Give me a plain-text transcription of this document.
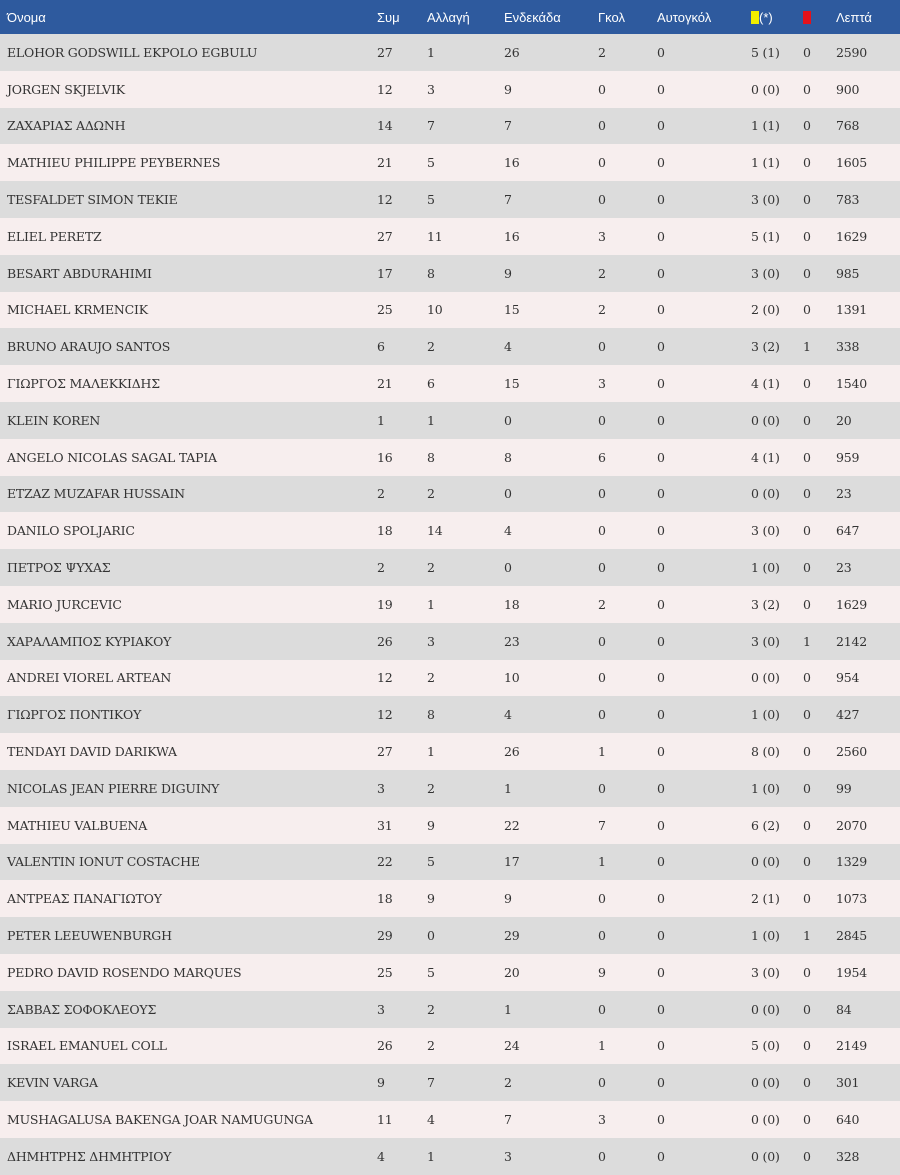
Όνομα	Συμ	Αλλαγή	Ενδεκάδα	Γκολ	Αυτογκόλ	(*)		Λεπτά
ELOHOR GODSWILL EKPOLO EGBULU	27	1	26	2	0	5 (1)	0	2590
JORGEN SKJELVIK	12	3	9	0	0	0 (0)	0	900
ΖΑΧΑΡΙΑΣ ΑΔΩΝΗ	14	7	7	0	0	1 (1)	0	768
MATHIEU PHILIPPE PEYBERNES	21	5	16	0	0	1 (1)	0	1605
TESFALDET SIMON TEKIE	12	5	7	0	0	3 (0)	0	783
ELIEL PERETZ	27	11	16	3	0	5 (1)	0	1629
BESART ABDURAHIMI	17	8	9	2	0	3 (0)	0	985
MICHAEL KRMENCIK	25	10	15	2	0	2 (0)	0	1391
BRUNO ARAUJO SANTOS	6	2	4	0	0	3 (2)	1	338
ΓΙΩΡΓΟΣ ΜΑΛΕΚΚΙΔΗΣ	21	6	15	3	0	4 (1)	0	1540
KLEIN KOREN	1	1	0	0	0	0 (0)	0	20
ANGELO NICOLAS SAGAL TAPIA	16	8	8	6	0	4 (1)	0	959
ETZAZ MUZAFAR HUSSAIN	2	2	0	0	0	0 (0)	0	23
DANILO SPOLJARIC	18	14	4	0	0	3 (0)	0	647
ΠΕΤΡΟΣ ΨΥΧΑΣ	2	2	0	0	0	1 (0)	0	23
MARIO JURCEVIC	19	1	18	2	0	3 (2)	0	1629
ΧΑΡΑΛΑΜΠΟΣ ΚΥΡΙΑΚΟΥ	26	3	23	0	0	3 (0)	1	2142
ANDREI VIOREL ARTEAN	12	2	10	0	0	0 (0)	0	954
ΓΙΩΡΓΟΣ ΠΟΝΤΙΚΟΥ	12	8	4	0	0	1 (0)	0	427
TENDAYI DAVID DARIKWA	27	1	26	1	0	8 (0)	0	2560
NICOLAS JEAN PIERRE DIGUINY	3	2	1	0	0	1 (0)	0	99
MATHIEU VALBUENA	31	9	22	7	0	6 (2)	0	2070
VALENTIN IONUT COSTACHE	22	5	17	1	0	0 (0)	0	1329
ΑΝΤΡΕΑΣ ΠΑΝΑΓΙΩΤΟΥ	18	9	9	0	0	2 (1)	0	1073
PETER LEEUWENBURGH	29	0	29	0	0	1 (0)	1	2845
PEDRO DAVID ROSENDO MARQUES	25	5	20	9	0	3 (0)	0	1954
ΣΑΒΒΑΣ ΣΟΦΟΚΛΕΟΥΣ	3	2	1	0	0	0 (0)	0	84
ISRAEL EMANUEL COLL	26	2	24	1	0	5 (0)	0	2149
KEVIN VARGA	9	7	2	0	0	0 (0)	0	301
MUSHAGALUSA BAKENGA JOAR NAMUGUNGA	11	4	7	3	0	0 (0)	0	640
ΔΗΜΗΤΡΗΣ ΔΗΜΗΤΡΙΟΥ	4	1	3	0	0	0 (0)	0	328
